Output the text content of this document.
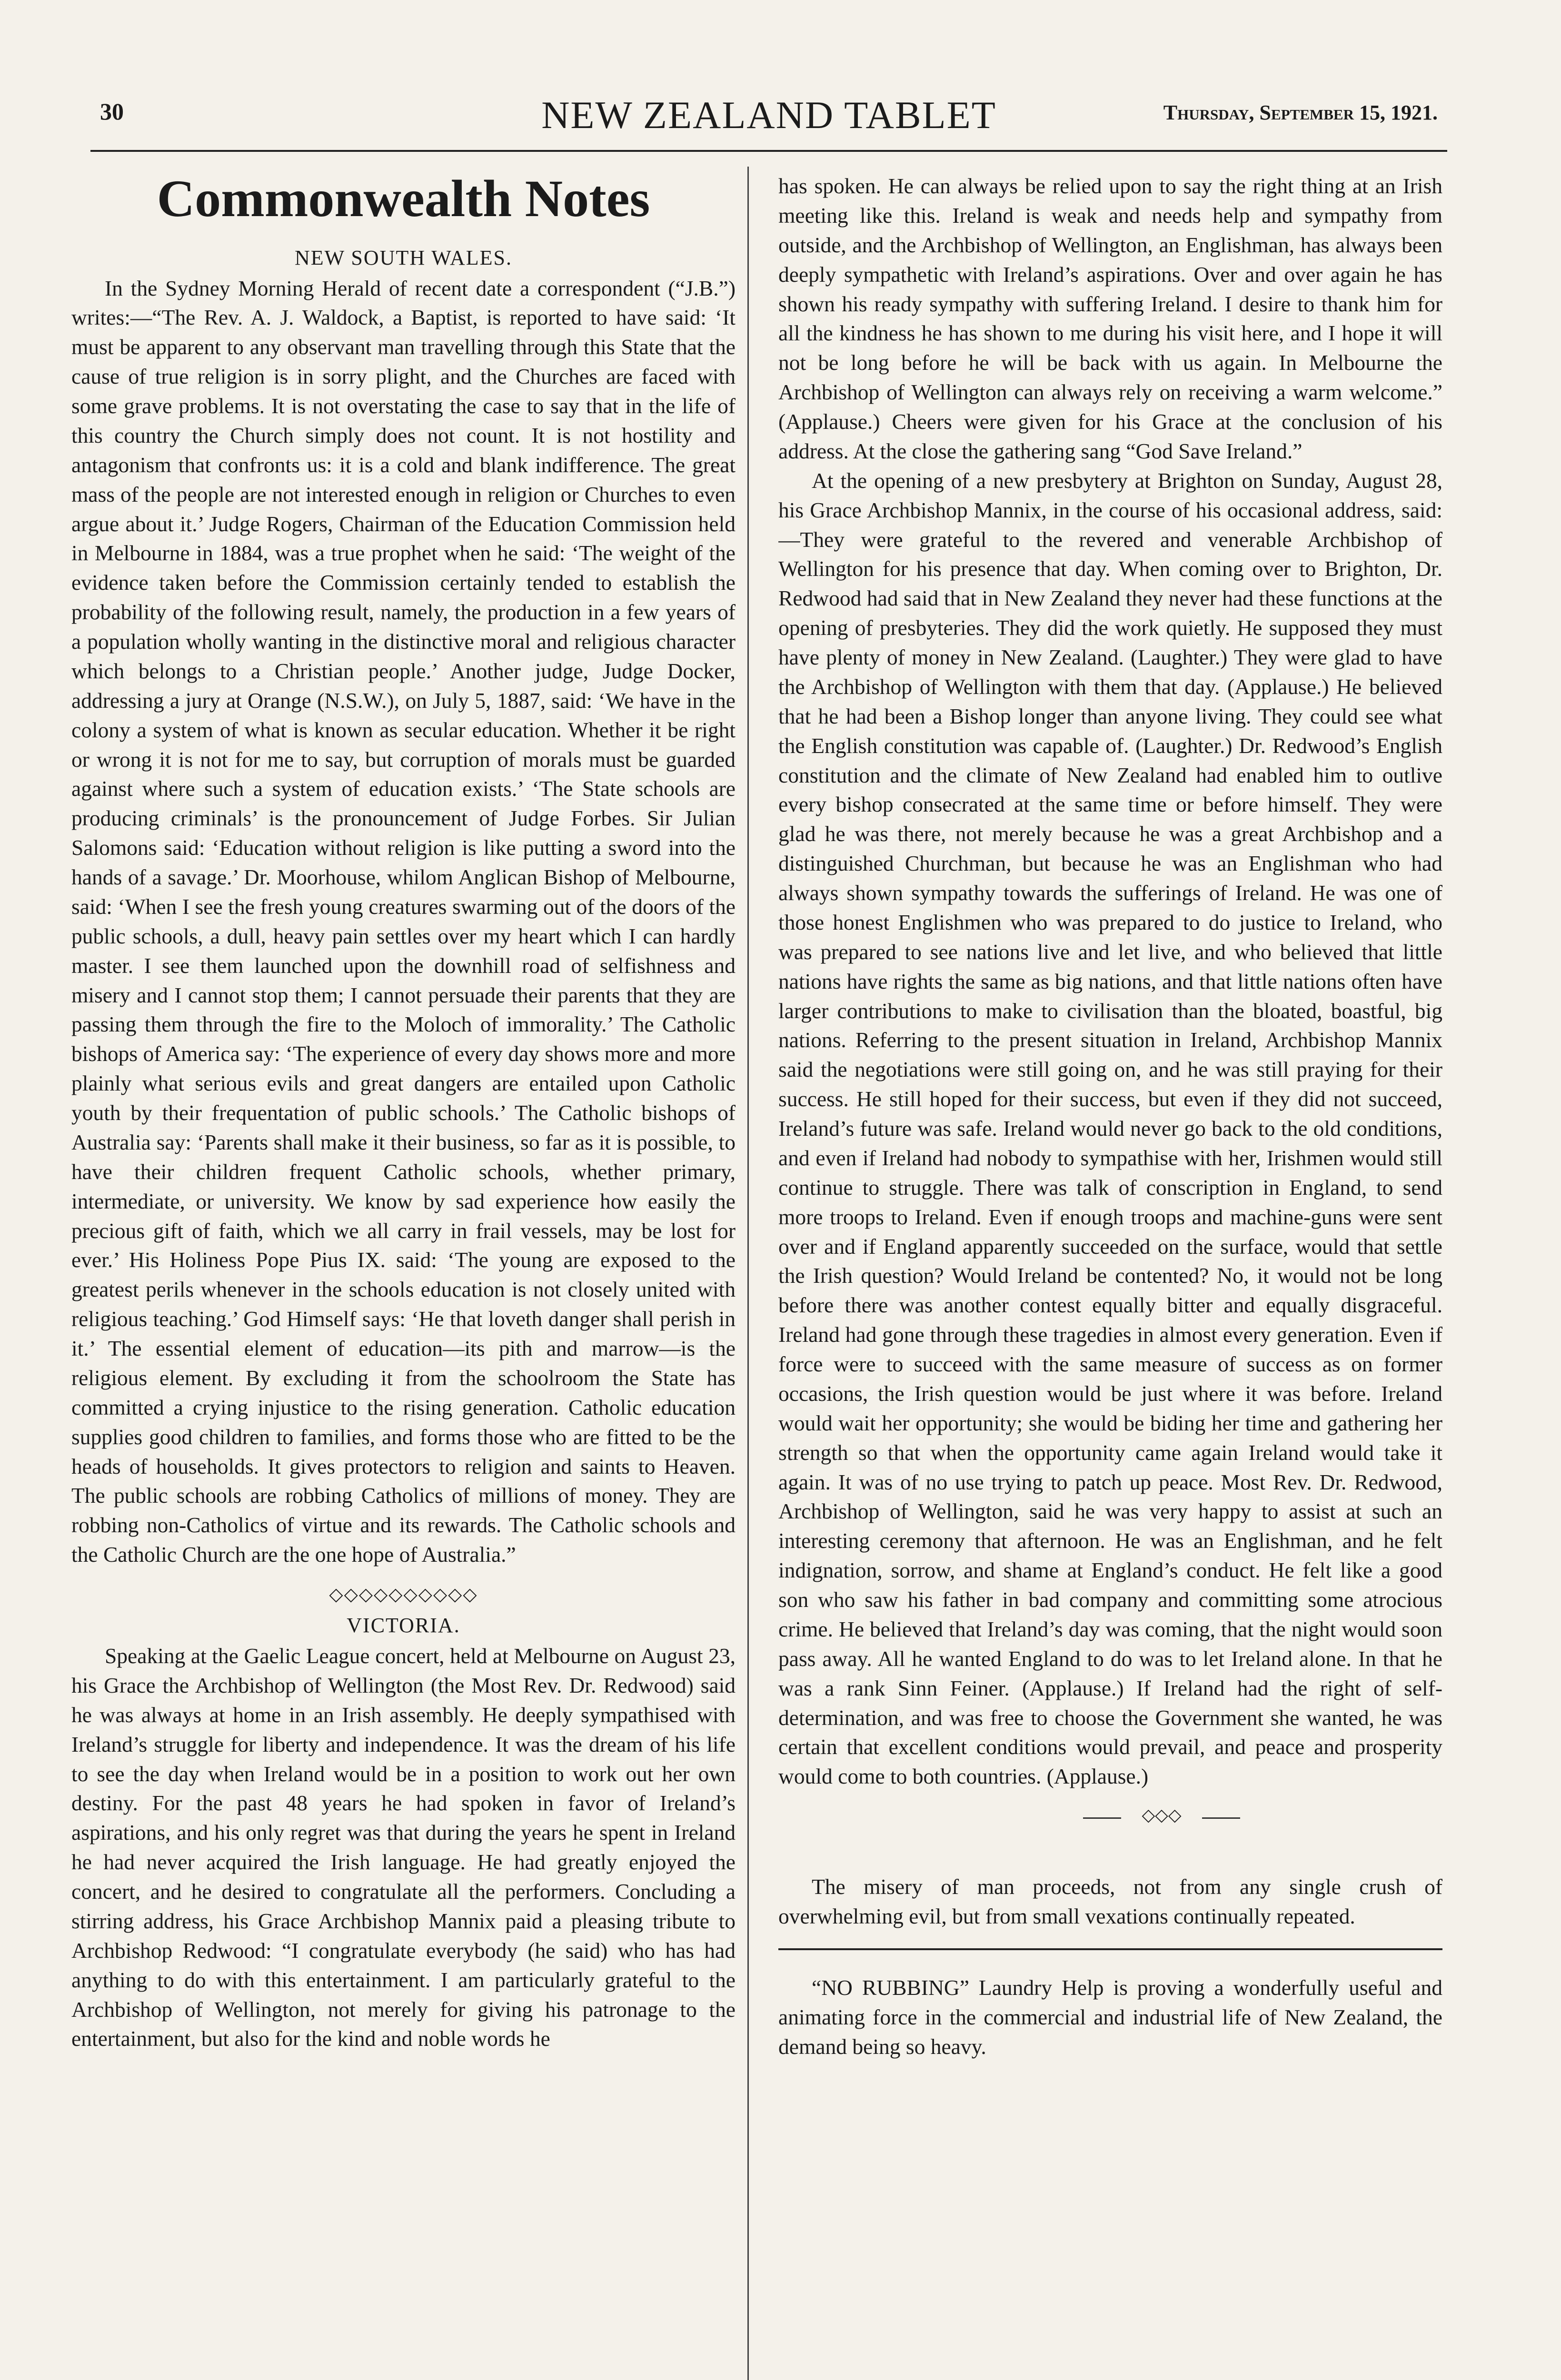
30	NEW ZEALAND TABLET	Thursday, September 15, 1921.
Commonwealth Notes
NEW SOUTH WALES.

In the Sydney Morning Herald of recent date a correspondent (“J.B.”) writes:—“The Rev. A. J. Waldock, a Baptist, is reported to have said: ‘It must be apparent to any observant man travelling through this State that the cause of true religion is in sorry plight, and the Churches are faced with some grave problems. It is not overstating the case to say that in the life of this country the Church simply does not count. It is not hostility and antagonism that confronts us: it is a cold and blank indifference. The great mass of the people are not interested enough in religion or Churches to even argue about it.’ Judge Rogers, Chairman of the Education Commission held in Melbourne in 1884, was a true prophet when he said: ‘The weight of the evidence taken before the Commission certainly tended to establish the probability of the following result, namely, the production in a few years of a population wholly wanting in the distinctive moral and religious character which belongs to a Christian people.’ Another judge, Judge Docker, addressing a jury at Orange (N.S.W.), on July 5, 1887, said: ‘We have in the colony a system of what is known as secular education. Whether it be right or wrong it is not for me to say, but corruption of morals must be guarded against where such a system of education exists.’ ‘The State schools are producing criminals’ is the pronouncement of Judge Forbes. Sir Julian Salomons said: ‘Education without religion is like putting a sword into the hands of a savage.’ Dr. Moorhouse, whilom Anglican Bishop of Melbourne, said: ‘When I see the fresh young creatures swarming out of the doors of the public schools, a dull, heavy pain settles over my heart which I can hardly master. I see them launched upon the downhill road of selfishness and misery and I cannot stop them; I cannot persuade their parents that they are passing them through the fire to the Moloch of immorality.’ The Catholic bishops of America say: ‘The experience of every day shows more and more plainly what serious evils and great dangers are entailed upon Catholic youth by their frequentation of public schools.’ The Catholic bishops of Australia say: ‘Parents shall make it their business, so far as it is possible, to have their children frequent Catholic schools, whether primary, intermediate, or university. We know by sad experience how easily the precious gift of faith, which we all carry in frail vessels, may be lost for ever.’ His Holiness Pope Pius IX. said: ‘The young are exposed to the greatest perils whenever in the schools education is not closely united with religious teaching.’ God Himself says: ‘He that loveth danger shall perish in it.’ The essential element of education—its pith and marrow—is the religious element. By excluding it from the schoolroom the State has committed a crying injustice to the rising generation. Catholic education supplies good children to families, and forms those who are fitted to be the heads of households. It gives protectors to religion and saints to Heaven. The public schools are robbing Catholics of millions of money. They are robbing non-Catholics of virtue and its rewards. The Catholic schools and the Catholic Church are the one hope of Australia.”

◇◇◇◇◇◇◇◇◇◇
VICTORIA.

Speaking at the Gaelic League concert, held at Melbourne on August 23, his Grace the Archbishop of Wellington (the Most Rev. Dr. Redwood) said he was always at home in an Irish assembly. He deeply sympathised with Ireland’s struggle for liberty and independence. It was the dream of his life to see the day when Ireland would be in a position to work out her own destiny. For the past 48 years he had spoken in favor of Ireland’s aspirations, and his only regret was that during the years he spent in Ireland he had never acquired the Irish language. He had greatly enjoyed the concert, and he desired to congratulate all the performers. Concluding a stirring address, his Grace Archbishop Mannix paid a pleasing tribute to Archbishop Redwood: “I congratulate everybody (he said) who has had anything to do with this entertainment. I am particularly grateful to the Archbishop of Wellington, not merely for giving his patronage to the entertainment, but also for the kind and noble words he

has spoken. He can always be relied upon to say the right thing at an Irish meeting like this. Ireland is weak and needs help and sympathy from outside, and the Archbishop of Wellington, an Englishman, has always been deeply sympathetic with Ireland’s aspirations. Over and over again he has shown his ready sympathy with suffering Ireland. I desire to thank him for all the kindness he has shown to me during his visit here, and I hope it will not be long before he will be back with us again. In Melbourne the Archbishop of Wellington can always rely on receiving a warm welcome.” (Applause.) Cheers were given for his Grace at the conclusion of his address. At the close the gathering sang “God Save Ireland.”

At the opening of a new presbytery at Brighton on Sunday, August 28, his Grace Archbishop Mannix, in the course of his occasional address, said:—They were grateful to the revered and venerable Archbishop of Wellington for his presence that day. When coming over to Brighton, Dr. Redwood had said that in New Zealand they never had these functions at the opening of presbyteries. They did the work quietly. He supposed they must have plenty of money in New Zealand. (Laughter.) They were glad to have the Archbishop of Wellington with them that day. (Applause.) He believed that he had been a Bishop longer than anyone living. They could see what the English constitution was capable of. (Laughter.) Dr. Redwood’s English constitution and the climate of New Zealand had enabled him to outlive every bishop consecrated at the same time or before himself. They were glad he was there, not merely because he was a great Archbishop and a distinguished Churchman, but because he was an Englishman who had always shown sympathy towards the sufferings of Ireland. He was one of those honest Englishmen who was prepared to do justice to Ireland, who was prepared to see nations live and let live, and who believed that little nations have rights the same as big nations, and that little nations often have larger contributions to make to civilisation than the bloated, boastful, big nations. Referring to the present situation in Ireland, Archbishop Mannix said the negotiations were still going on, and he was still praying for their success. He still hoped for their success, but even if they did not succeed, Ireland’s future was safe. Ireland would never go back to the old conditions, and even if Ireland had nobody to sympathise with her, Irishmen would still continue to struggle. There was talk of conscription in England, to send more troops to Ireland. Even if enough troops and machine-guns were sent over and if England apparently succeeded on the surface, would that settle the Irish question? Would Ireland be contented? No, it would not be long before there was another contest equally bitter and equally disgraceful. Ireland had gone through these tragedies in almost every generation. Even if force were to succeed with the same measure of success as on former occasions, the Irish question would be just where it was before. Ireland would wait her opportunity; she would be biding her time and gathering her strength so that when the opportunity came again Ireland would take it again. It was of no use trying to patch up peace. Most Rev. Dr. Redwood, Archbishop of Wellington, said he was very happy to assist at such an interesting ceremony that afternoon. He was an Englishman, and he felt indignation, sorrow, and shame at England’s conduct. He felt like a good son who saw his father in bad company and committing some atrocious crime. He believed that Ireland’s day was coming, that the night would soon pass away. All he wanted England to do was to let Ireland alone. In that he was a rank Sinn Feiner. (Applause.) If Ireland had the right of self-determination, and was free to choose the Government she wanted, he was certain that excellent conditions would prevail, and peace and prosperity would come to both countries. (Applause.)

◇◇◇

The misery of man proceeds, not from any single crush of overwhelming evil, but from small vexations continually repeated.

“NO RUBBING” Laundry Help is proving a wonderfully useful and animating force in the commercial and industrial life of New Zealand, the demand being so heavy.
